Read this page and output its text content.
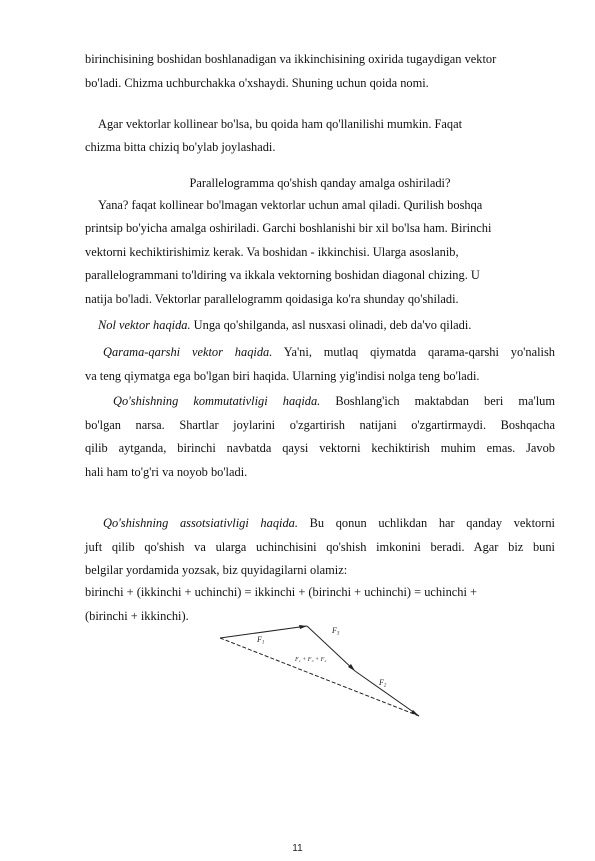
birinchisining boshidan boshlanadigan va ikkinchisining oxirida tugaydigan vektor
bo'ladi. Chizma uchburchakka o'xshaydi. Shuning uchun qoida nomi.
Agar vektorlar kollinear bo'lsa, bu qoida ham qo'llanilishi mumkin. Faqat
chizma bitta chiziq bo'ylab joylashadi.
Parallelogramma qo'shish qanday amalga oshiriladi?
Yana? faqat kollinear bo'lmagan vektorlar uchun amal qiladi. Qurilish boshqa
printsip bo'yicha amalga oshiriladi. Garchi boshlanishi bir xil bo'lsa ham. Birinchi
vektorni kechiktirishimiz kerak. Va boshidan - ikkinchisi. Ularga asoslanib,
parallelogrammani to'ldiring va ikkala vektorning boshidan diagonal chizing. U
natija bo'ladi. Vektorlar parallelogramm qoidasiga ko'ra shunday qo'shiladi.
Nol vektor haqida. Unga qo'shilganda, asl nusxasi olinadi, deb da'vo qiladi.
Qarama-qarshi vektor haqida. Ya'ni, mutlaq qiymatda qarama-qarshi yo'nalish
va teng qiymatga ega bo'lgan biri haqida. Ularning yig'indisi nolga teng bo'ladi.
Qo'shishning kommutativligi haqida. Boshlang'ich maktabdan beri ma'lum
bo'lgan narsa. Shartlar joylarini o'zgartirish natijani o'zgartirmaydi. Boshqacha
qilib aytganda, birinchi navbatda qaysi vektorni kechiktirish muhim emas. Javob
hali ham to'g'ri va noyob bo'ladi.
Qo'shishning assotsiativligi haqida. Bu qonun uchlikdan har qanday vektorni
juft qilib qo'shish va ularga uchinchisini qo'shish imkonini beradi. Agar biz buni
belgilar yordamida yozsak, biz quyidagilarni olamiz:
birinchi + (ikkinchi + uchinchi) = ikkinchi + (birinchi + uchinchi) = uchinchi +
(birinchi + ikkinchi).
F1
F3
F2
F₁ + F₃ + F₂
11
